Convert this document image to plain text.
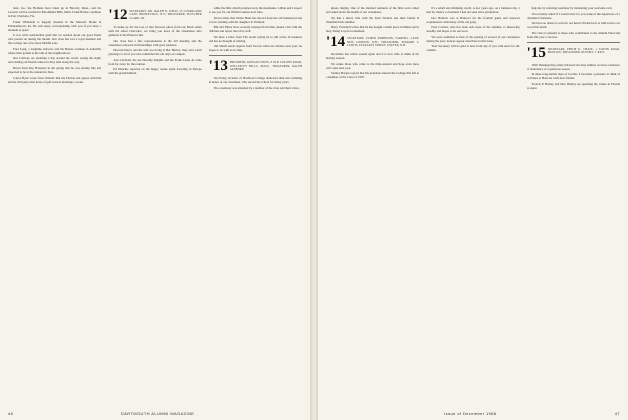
land, Ga.; the Holdens have baled up in Beverly, Mass., and the Leavitts will be reached in Bloomfield Hills, Mich. Frank Barber continues in Port Charlotte, Fla.

Frank Whiteside is happily situated in the Masonic Home in Elizabethtown, Pa. He will enjoy corresponding with you if you have a moment to spare.

It was with considerable grief that we learned about our good friend who passed on during the month. Our class has lost a loyal member and the College one of its most faithful sons.

Fred Long, a longtime stalwart, and his Bessie continue in Asheville where their garden is the talk of the neighborhood.

Our Cartlony are planning a trip around the world, seeing the sights and visiting old friends wherever they land along the way.

Heard from Ray Hazenprt in the spring that he was feeling fine and expected to be at the reunion in June.

Carlos Hyde wrote from Orlando that the Florida sun agrees with him and he still plays nine holes of golf several mornings a week.

'12 SECRETARY, DR. RALPH N. WELD, 55 COURTLAND LANE, BRONXVILLE, N.Y.; TREASURER, FLETCHER CLARK, JR.

To make up for the loss of that flavored photo from our Mack Allen with his smart Chevrolet, we bring you news of the classmates who gathered at the Hanover Inn.

Our class had a fine representation at the fall meeting and the classmates renewed old friendships with great pleasure.

Howard Pierce and his wife are living at Bar Harbor; they sent warm greetings to all of you who remember the old days on campus.

Jack Caldwell, the Joe Dorothy Knights and the Frank Lanes all came from far away for the reunion.

Ed Dunckle reported on the happy weeks spent traveling in Europe with his grandchildren.

while the little church pointed away the mountains. Lillian and I expect to see you for our fiftieth reunion next June.

Word comes that Walter Hunt has moved from the old homestead and is now residing with his daughter in Vermont.

Bill and Elinor have recently returned from their annual visit with the children and report that all is well.

We have a letter from Fitz Grant saying he is still active in business and has no thought of retiring.

Jim Marsh sends regards from Tucson where he winters each year; he hopes to be with us in June.

'13 PRESIDENT, DONALD SNOW, 8 OLD COLONY ROAD, WELLESLEY HILLS, MASS.; TREASURER, RALPH SANBORN

On Friday, October 21 Bradford College dedicated their new building in honor of our classmate, who served the school for many years.

The ceremony was attended by a number of the class and their wives.

46	DARTMOUTH ALUMNI MAGAZINE

phone ringing. One of the alarmed residents of the little town called and asked about the health of our classmates.

We had a merry visit with the Tuck Nichols and their family in Wakefield this summer.

Harry Twitchell writes that he has bought a small place in Maine and is busy fixing it up for retirement.

'14 SECRETARY, ELMER ROBINSON, FARWELL LANE, NEW LONDON, N.H.; TREASURER, EDWARD L. CURTIS, PLEASANT STREET, EXETER, N.H.

December has rolled around again and it is now time to think of the holiday season.

We salute those who came to the mini-reunion and hope even more will come next year.

Stanley Harper reports that his grandson entered the College this fall as a member of the Class of 1970.

It's a small and shrinking world. A few years ago, on a business trip, I met by chance a classmate I had not seen since graduation.

Doc Bullock was at Hanover for the football game and renewed acquaintance with many of the old gang.

Fred Carlson, who has been sick most of the summer, is improving steadily and hopes to be out soon.

We were saddened to hear of the passing of several of our classmates during the year; notices appear elsewhere in this issue.

Your Secretary will be glad to hear from any of you with news for the column.

help me by referring Germany by translating your welcome card.

You recently asked if I would write for you some of the departures of a cherished classmate.

We have no desire to wait for our heart's friend but it is with sorrow we record his death.

The class is grateful to those who contributed to the Alumni Fund and made this year a success.

'15 SECRETARY, PHILIP K. CHASE, 1 EATON ROAD, MOSCOW; TREASURER, RUSSELL J. RICE

With Thanksgiving safely mirrored ten days behind, we hear a memory of abundance of a generous season.

In these long-buried days of Cecilia, it becomes a pleasure to think of old times at Hanover with dear friends.

Francis P. Hadley and Mrs. Hadley are spending the winter in Florida as usual.

Issue of December 1966	47
